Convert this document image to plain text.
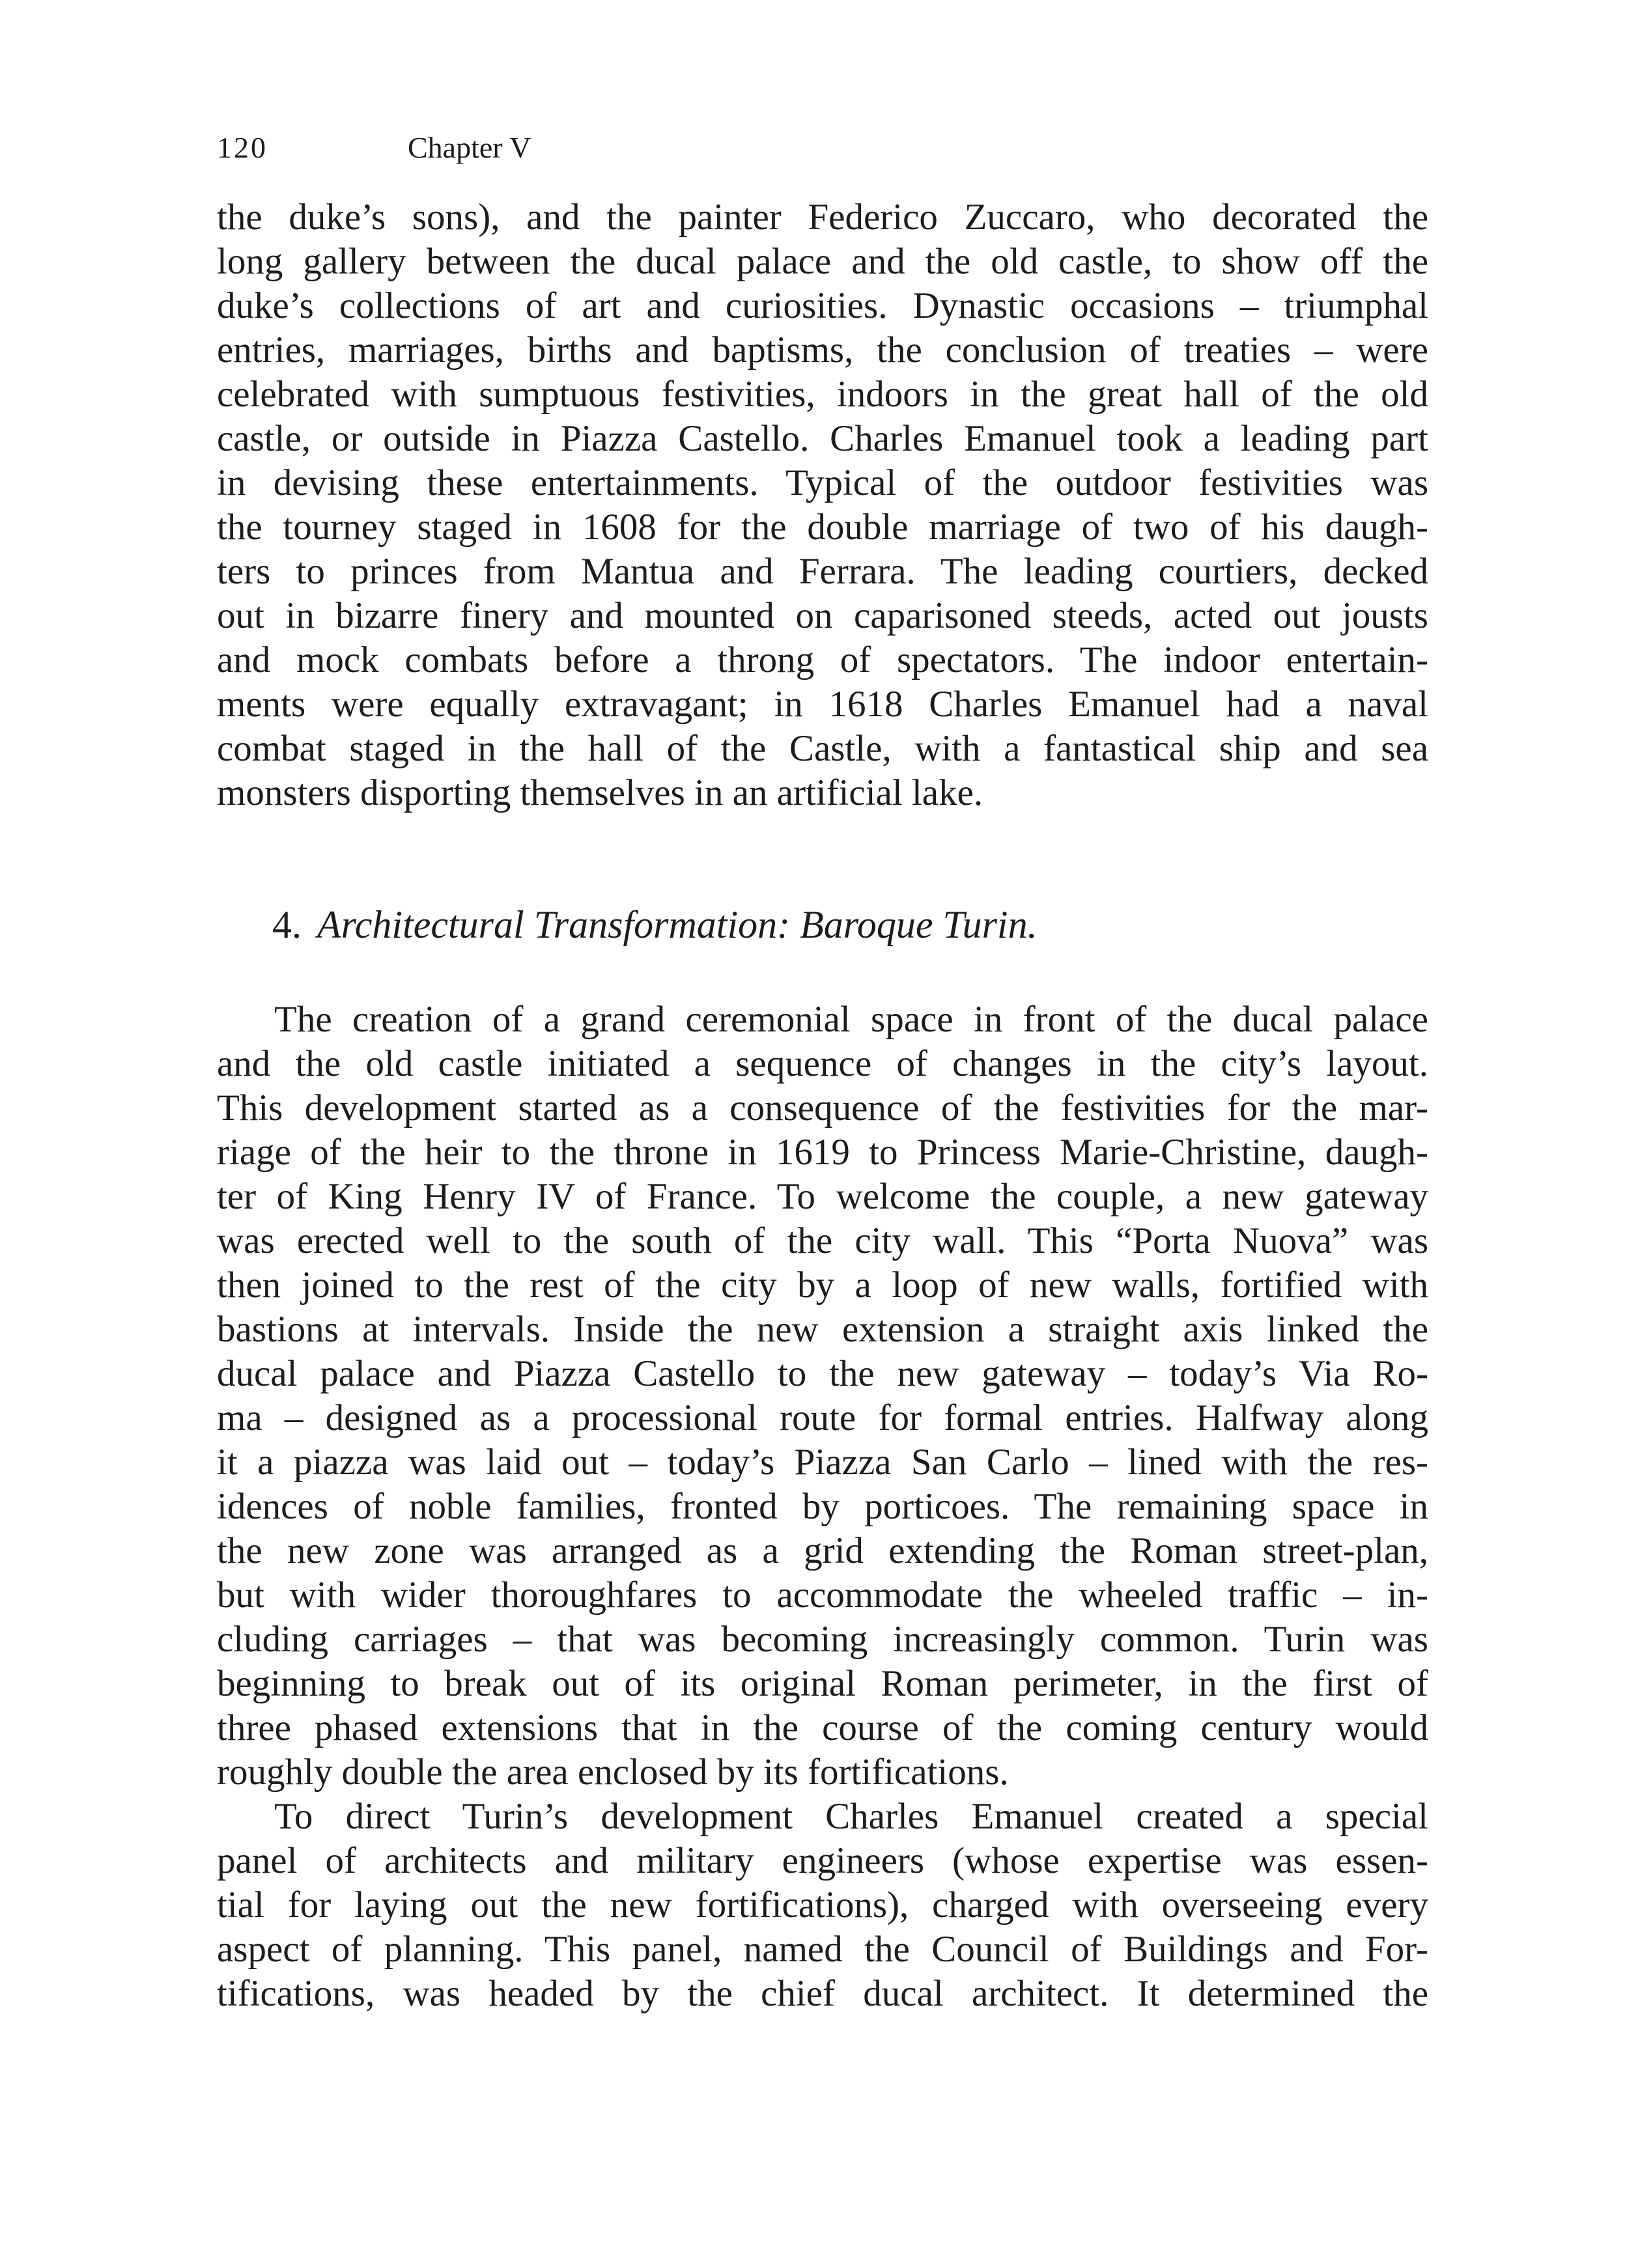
120	Chapter V
the duke’s sons), and the painter Federico Zuccaro, who decorated the
long gallery between the ducal palace and the old castle, to show off the
duke’s collections of art and curiosities. Dynastic occasions – triumphal
entries, marriages, births and baptisms, the conclusion of treaties – were
celebrated with sumptuous festivities, indoors in the great hall of the old
castle, or outside in Piazza Castello. Charles Emanuel took a leading part
in devising these entertainments. Typical of the outdoor festivities was
the tourney staged in 1608 for the double marriage of two of his daugh-
ters to princes from Mantua and Ferrara. The leading courtiers, decked
out in bizarre finery and mounted on caparisoned steeds, acted out jousts
and mock combats before a throng of spectators. The indoor entertain-
ments were equally extravagant; in 1618 Charles Emanuel had a naval
combat staged in the hall of the Castle, with a fantastical ship and sea
monsters disporting themselves in an artificial lake.
4. Architectural Transformation: Baroque Turin.
The creation of a grand ceremonial space in front of the ducal palace
and the old castle initiated a sequence of changes in the city’s layout.
This development started as a consequence of the festivities for the mar-
riage of the heir to the throne in 1619 to Princess Marie-Christine, daugh-
ter of King Henry IV of France. To welcome the couple, a new gateway
was erected well to the south of the city wall. This “Porta Nuova” was
then joined to the rest of the city by a loop of new walls, fortified with
bastions at intervals. Inside the new extension a straight axis linked the
ducal palace and Piazza Castello to the new gateway – today’s Via Ro-
ma – designed as a processional route for formal entries. Halfway along
it a piazza was laid out – today’s Piazza San Carlo – lined with the res-
idences of noble families, fronted by porticoes. The remaining space in
the new zone was arranged as a grid extending the Roman street-plan,
but with wider thoroughfares to accommodate the wheeled traffic – in-
cluding carriages – that was becoming increasingly common. Turin was
beginning to break out of its original Roman perimeter, in the first of
three phased extensions that in the course of the coming century would
roughly double the area enclosed by its fortifications.
To direct Turin’s development Charles Emanuel created a special
panel of architects and military engineers (whose expertise was essen-
tial for laying out the new fortifications), charged with overseeing every
aspect of planning. This panel, named the Council of Buildings and For-
tifications, was headed by the chief ducal architect. It determined the
